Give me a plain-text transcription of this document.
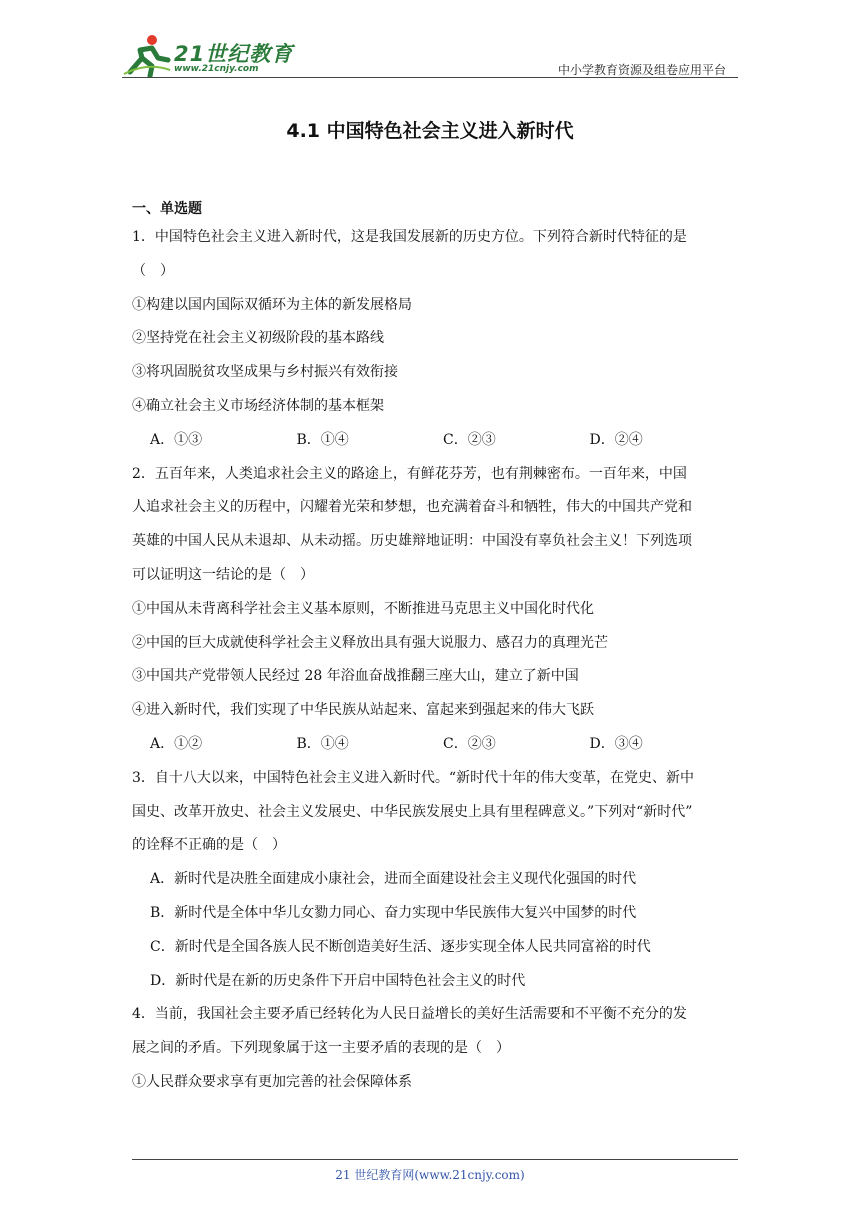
21世纪教育
www.21cnjy.com	中小学教育资源及组卷应用平台
4.1 中国特色社会主义进入新时代
一、单选题
1．中国特色社会主义进入新时代，这是我国发展新的历史方位。下列符合新时代特征的是
（　）
①构建以国内国际双循环为主体的新发展格局
②坚持党在社会主义初级阶段的基本路线
③将巩固脱贫攻坚成果与乡村振兴有效衔接
④确立社会主义市场经济体制的基本框架
A．①③	B．①④	C．②③	D．②④
2．五百年来，人类追求社会主义的路途上，有鲜花芬芳，也有荆棘密布。一百年来，中国
人追求社会主义的历程中，闪耀着光荣和梦想，也充满着奋斗和牺牲，伟大的中国共产党和
英雄的中国人民从未退却、从未动摇。历史雄辩地证明：中国没有辜负社会主义！下列选项
可以证明这一结论的是（　）
①中国从未背离科学社会主义基本原则，不断推进马克思主义中国化时代化
②中国的巨大成就使科学社会主义释放出具有强大说服力、感召力的真理光芒
③中国共产党带领人民经过 28 年浴血奋战推翻三座大山，建立了新中国
④进入新时代，我们实现了中华民族从站起来、富起来到强起来的伟大飞跃
A．①②	B．①④	C．②③	D．③④
3．自十八大以来，中国特色社会主义进入新时代。“新时代十年的伟大变革，在党史、新中
国史、改革开放史、社会主义发展史、中华民族发展史上具有里程碑意义。”下列对“新时代”
的诠释不正确的是（　）
A．新时代是决胜全面建成小康社会，进而全面建设社会主义现代化强国的时代
B．新时代是全体中华儿女勠力同心、奋力实现中华民族伟大复兴中国梦的时代
C．新时代是全国各族人民不断创造美好生活、逐步实现全体人民共同富裕的时代
D．新时代是在新的历史条件下开启中国特色社会主义的时代
4．当前，我国社会主要矛盾已经转化为人民日益增长的美好生活需要和不平衡不充分的发
展之间的矛盾。下列现象属于这一主要矛盾的表现的是（　）
①人民群众要求享有更加完善的社会保障体系
21 世纪教育网(www.21cnjy.com)
